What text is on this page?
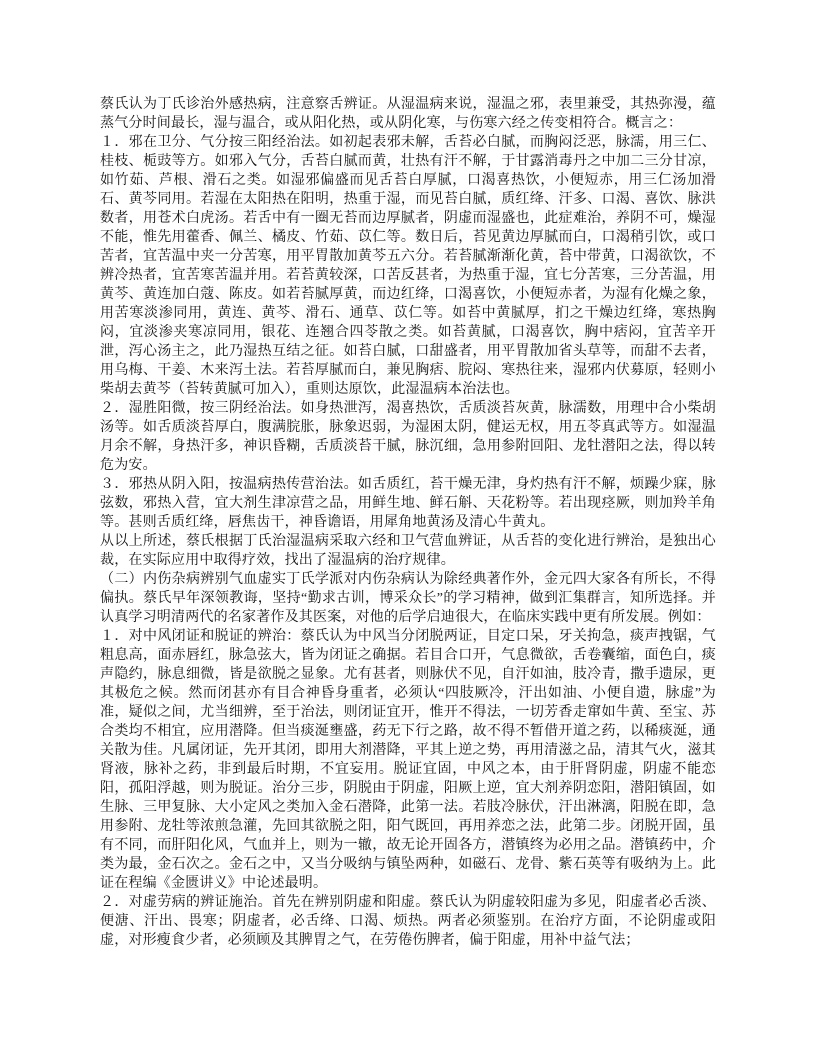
蔡氏认为丁氏诊治外感热病，注意察舌辨证。从湿温病来说，湿温之邪，表里兼受，其热弥漫，蕴蒸气分时间最长，湿与温合，或从阳化热，或从阴化寒，与伤寒六经之传变相符合。概言之：

１．邪在卫分、气分按三阳经治法。如初起表邪未解，舌苔必白腻，而胸闷泛恶，脉濡，用三仁、桂枝、栀豉等方。如邪入气分，舌苔白腻而黄，壮热有汗不解，于甘露消毒丹之中加二三分甘凉，如竹茹、芦根、滑石之类。如湿邪偏盛而见舌苔白厚腻，口渴喜热饮，小便短赤，用三仁汤加滑石、黄芩同用。若湿在太阳热在阳明，热重于湿，而见苔白腻，质红绛、汗多、口渴、喜饮、脉洪数者，用苍术白虎汤。若舌中有一圈无苔而边厚腻者，阴虚而湿盛也，此症难治，养阴不可，燥湿不能，惟先用藿香、佩兰、橘皮、竹茹、苡仁等。数日后，苔见黄边厚腻而白，口渴稍引饮，或口苦者，宜苦温中夹一分苦寒，用平胃散加黄芩五六分。若苔腻渐渐化黄，苔中带黄，口渴欲饮，不辨冷热者，宜苦寒苦温并用。若苔黄较深，口苦反甚者，为热重于湿，宜七分苦寒，三分苦温，用黄芩、黄连加白蔻、陈皮。如若苔腻厚黄，而边红绛，口渴喜饮，小便短赤者，为湿有化燥之象，用苦寒淡渗同用，黄连、黄芩、滑石、通草、苡仁等。如苔中黄腻厚，扪之干燥边红绛，寒热胸闷，宜淡渗夹寒凉同用，银花、连翘合四苓散之类。如苔黄腻，口渴喜饮，胸中痞闷，宜苦辛开泄，泻心汤主之，此乃湿热互结之征。如苔白腻，口甜盛者，用平胃散加省头草等，而甜不去者，用乌梅、干姜、木来泻土法。若苔厚腻而白，兼见胸痞、脘闷、寒热往来，湿邪内伏募原，轻则小柴胡去黄芩（苔转黄腻可加入），重则达原饮，此湿温病本治法也。

２．湿胜阳微，按三阴经治法。如身热泄泻，渴喜热饮，舌质淡苔灰黄，脉濡数，用理中合小柴胡汤等。如舌质淡苔厚白，腹满脘胀，脉象迟弱，为湿困太阴，健运无权，用五苓真武等方。如湿温月余不解，身热汗多，神识昏糊，舌质淡苔干腻，脉沉细，急用参附回阳、龙牡潜阳之法，得以转危为安。

３．邪热从阴入阳，按温病热传营治法。如舌质红，苔干燥无津，身灼热有汗不解，烦躁少寐，脉弦数，邪热入营，宜大剂生津凉营之品，用鲜生地、鲜石斛、天花粉等。若出现痉厥，则加羚羊角等。甚则舌质红绛，唇焦齿干，神昏谵语，用犀角地黄汤及清心牛黄丸。

从以上所述，蔡氏根据丁氏治湿温病采取六经和卫气营血辨证，从舌苔的变化进行辨治，是独出心裁，在实际应用中取得疗效，找出了湿温病的治疗规律。

（二）内伤杂病辨别气血虚实丁氏学派对内伤杂病认为除经典著作外，金元四大家各有所长，不得偏执。蔡氏早年深领教诲，坚持“勤求古训，博采众长”的学习精神，做到汇集群言，知所选择。并认真学习明清两代的名家著作及其医案，对他的后学启迪很大，在临床实践中更有所发展。例如：

１．对中风闭证和脱证的辨治：蔡氏认为中风当分闭脱两证，目定口呆，牙关拘急，痰声拽锯，气粗息高，面赤唇红，脉急弦大，皆为闭证之确据。若目合口开，气息微欲，舌卷囊缩，面色白，痰声隐约，脉息细微，皆是欲脱之显象。尤有甚者，则脉伏不见，自汗如油，肢冷青，撒手遗尿，更其极危之候。然而闭甚亦有目合神昏身重者，必须认“四肢厥冷，汗出如油、小便自遗，脉虚”为准，疑似之间，尤当细辨，至于治法，则闭证宜开，惟开不得法，一切芳香走窜如牛黄、至宝、苏合类均不相宜，应用潜降。但当痰涎壅盛，药无下行之路，故不得不暂借开道之药，以稀痰涎，通关散为佳。凡属闭证，先开其闭，即用大剂潜降，平其上逆之势，再用清滋之品，清其气火，滋其肾液，脉补之药，非到最后时期，不宜妄用。脱证宜固，中风之本，由于肝肾阴虚，阴虚不能恋阳，孤阳浮越，则为脱证。治分三步，阴脱由于阴虚，阳厥上逆，宜大剂养阴恋阳，潜阳镇固，如生脉、三甲复脉、大小定风之类加入金石潜降，此第一法。若肢冷脉伏，汗出淋漓，阳脱在即，急用参附、龙牡等浓煎急灌，先回其欲脱之阳，阳气既回，再用养恋之法，此第二步。闭脱开固，虽有不同，而肝阳化风，气血并上，则为一辙，故无论开固各方，潜镇终为必用之品。潜镇药中，介类为最，金石次之。金石之中，又当分吸纳与镇坠两种，如磁石、龙骨、紫石英等有吸纳为上。此证在程编《金匮讲义》中论述最明。

２．对虚劳病的辨证施治。首先在辨别阴虚和阳虚。蔡氏认为阴虚较阳虚为多见，阳虚者必舌淡、便溏、汗出、畏寒；阴虚者，必舌绛、口渴、烦热。两者必须鉴别。在治疗方面，不论阴虚或阳虚，对形瘦食少者，必须顾及其脾胃之气，在劳倦伤脾者，偏于阳虚，用补中益气法；
